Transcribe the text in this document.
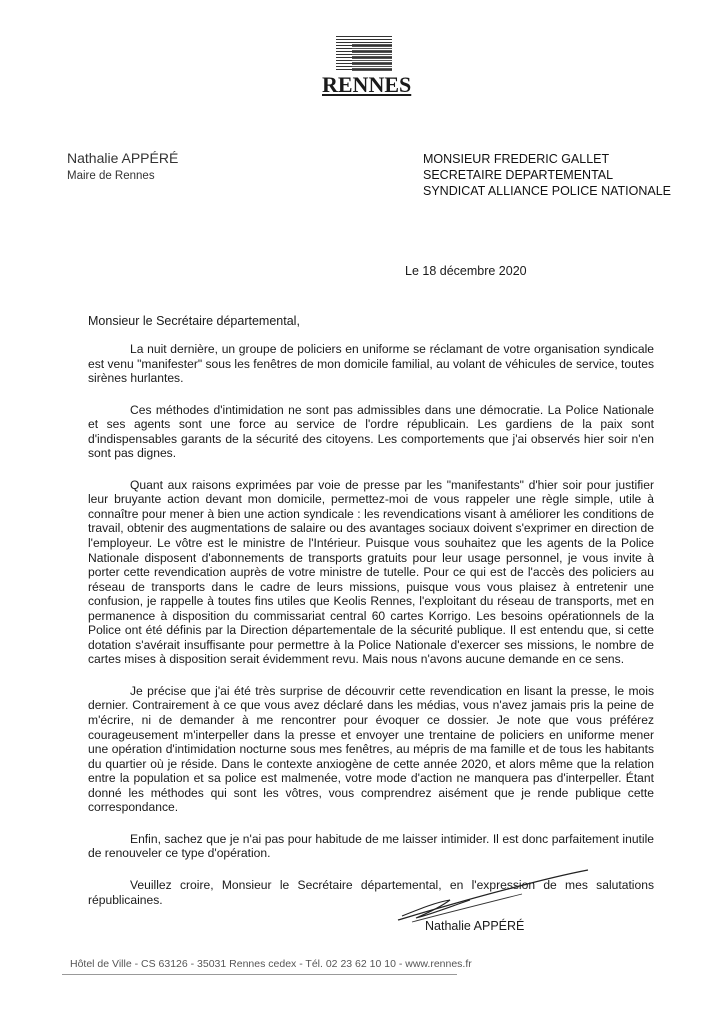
RENNES
Nathalie APPÉRÉ
Maire de Rennes
MONSIEUR FREDERIC GALLET
SECRETAIRE DEPARTEMENTAL
SYNDICAT ALLIANCE POLICE NATIONALE
Le 18 décembre 2020
Monsieur le Secrétaire départemental,

La nuit dernière, un groupe de policiers en uniforme se réclamant de votre organisation syndicale est venu "manifester" sous les fenêtres de mon domicile familial, au volant de véhicules de service, toutes sirènes hurlantes.

Ces méthodes d'intimidation ne sont pas admissibles dans une démocratie. La Police Nationale et ses agents sont une force au service de l'ordre républicain. Les gardiens de la paix sont d'indispensables garants de la sécurité des citoyens. Les comportements que j'ai observés hier soir n'en sont pas dignes.

Quant aux raisons exprimées par voie de presse par les "manifestants" d'hier soir pour justifier leur bruyante action devant mon domicile, permettez-moi de vous rappeler une règle simple, utile à connaître pour mener à bien une action syndicale : les revendications visant à améliorer les conditions de travail, obtenir des augmentations de salaire ou des avantages sociaux doivent s'exprimer en direction de l'employeur. Le vôtre est le ministre de l'Intérieur. Puisque vous souhaitez que les agents de la Police Nationale disposent d'abonnements de transports gratuits pour leur usage personnel, je vous invite à porter cette revendication auprès de votre ministre de tutelle. Pour ce qui est de l'accès des policiers au réseau de transports dans le cadre de leurs missions, puisque vous vous plaisez à entretenir une confusion, je rappelle à toutes fins utiles que Keolis Rennes, l'exploitant du réseau de transports, met en permanence à disposition du commissariat central 60 cartes Korrigo. Les besoins opérationnels de la Police ont été définis par la Direction départementale de la sécurité publique. Il est entendu que, si cette dotation s'avérait insuffisante pour permettre à la Police Nationale d'exercer ses missions, le nombre de cartes mises à disposition serait évidemment revu. Mais nous n'avons aucune demande en ce sens.

Je précise que j'ai été très surprise de découvrir cette revendication en lisant la presse, le mois dernier. Contrairement à ce que vous avez déclaré dans les médias, vous n'avez jamais pris la peine de m'écrire, ni de demander à me rencontrer pour évoquer ce dossier. Je note que vous préférez courageusement m'interpeller dans la presse et envoyer une trentaine de policiers en uniforme mener une opération d'intimidation nocturne sous mes fenêtres, au mépris de ma famille et de tous les habitants du quartier où je réside. Dans le contexte anxiogène de cette année 2020, et alors même que la relation entre la population et sa police est malmenée, votre mode d'action ne manquera pas d'interpeller. Étant donné les méthodes qui sont les vôtres, vous comprendrez aisément que je rende publique cette correspondance.

Enfin, sachez que je n'ai pas pour habitude de me laisser intimider. Il est donc parfaitement inutile de renouveler ce type d'opération.

Veuillez croire, Monsieur le Secrétaire départemental, en l'expression de mes salutations républicaines.

Nathalie APPÉRÉ
Hôtel de Ville - CS 63126 - 35031 Rennes cedex - Tél. 02 23 62 10 10 - www.rennes.fr
